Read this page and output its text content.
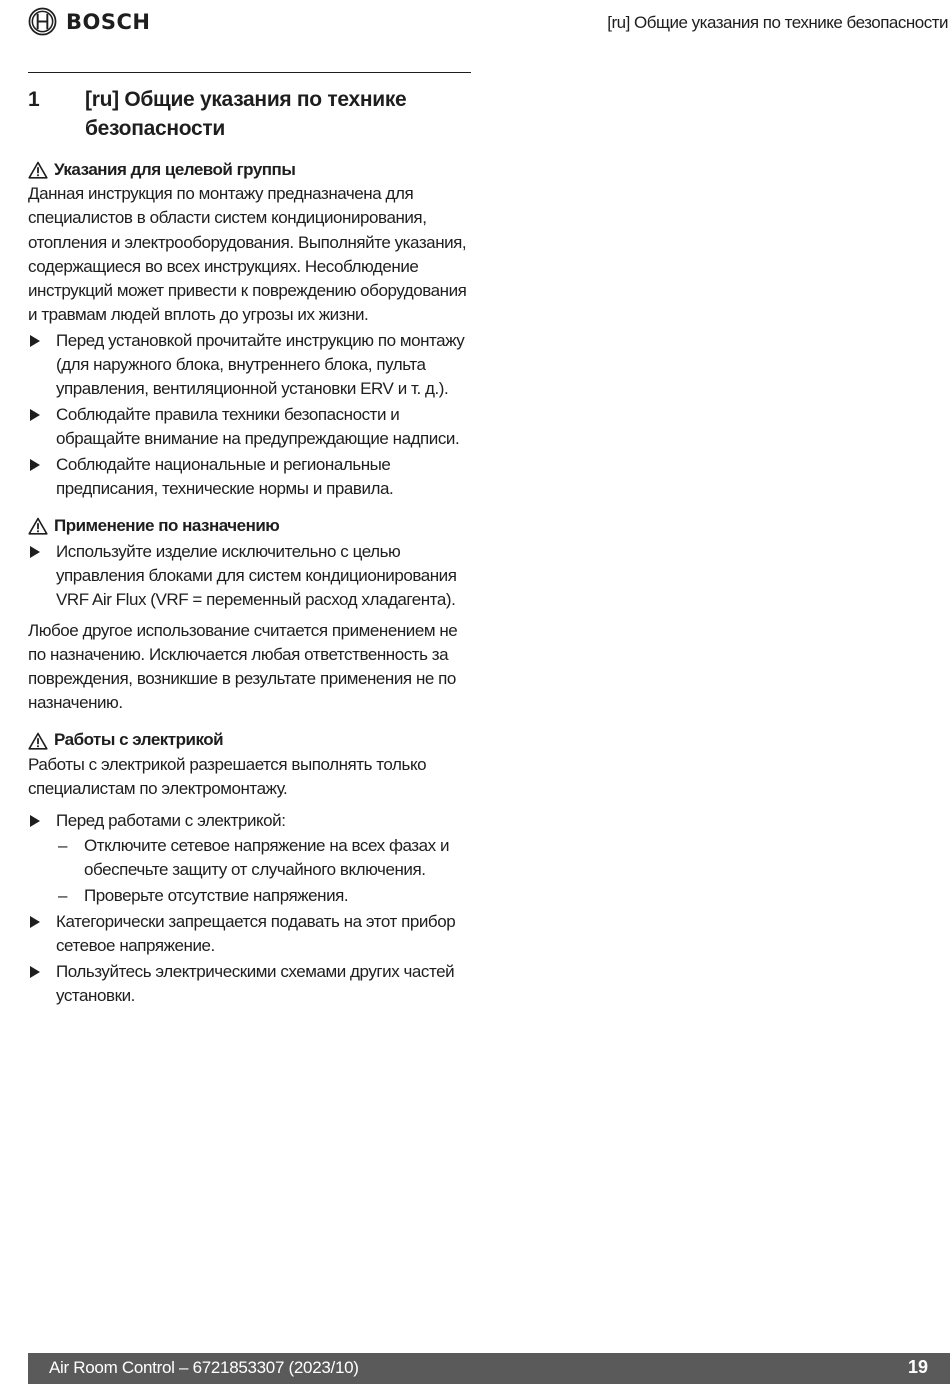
BOSCH	[ru] Общие указания по технике безопасности
1 [ru] Общие указания по технике безопасности
Указания для целевой группы

Данная инструкция по монтажу предназначена для специалистов в области систем кондиционирования, отопления и электрооборудования. Выполняйте указания, содержащиеся во всех инструкциях. Несоблюдение инструкций может привести к повреждению оборудования и травмам людей вплоть до угрозы их жизни.

Перед установкой прочитайте инструкцию по монтажу (для наружного блока, внутреннего блока, пульта управления, вентиляционной установки ERV и т. д.).
Соблюдайте правила техники безопасности и обращайте внимание на предупреждающие надписи.
Соблюдайте национальные и региональные предписания, технические нормы и правила.
Применение по назначению
Используйте изделие исключительно с целью управления блоками для систем кондиционирования VRF Air Flux (VRF = переменный расход хладагента).

Любое другое использование считается применением не по назначению. Исключается любая ответственность за повреждения, возникшие в результате применения не по назначению.

Работы с электрикой

Работы с электрикой разрешается выполнять только специалистам по электромонтажу.

Перед работами с электрикой:
– Отключите сетевое напряжение на всех фазах и обеспечьте защиту от случайного включения.
– Проверьте отсутствие напряжения.
Категорически запрещается подавать на этот прибор сетевое напряжение.
Пользуйтесь электрическими схемами других частей установки.
Air Room Control – 6721853307 (2023/10)	19
